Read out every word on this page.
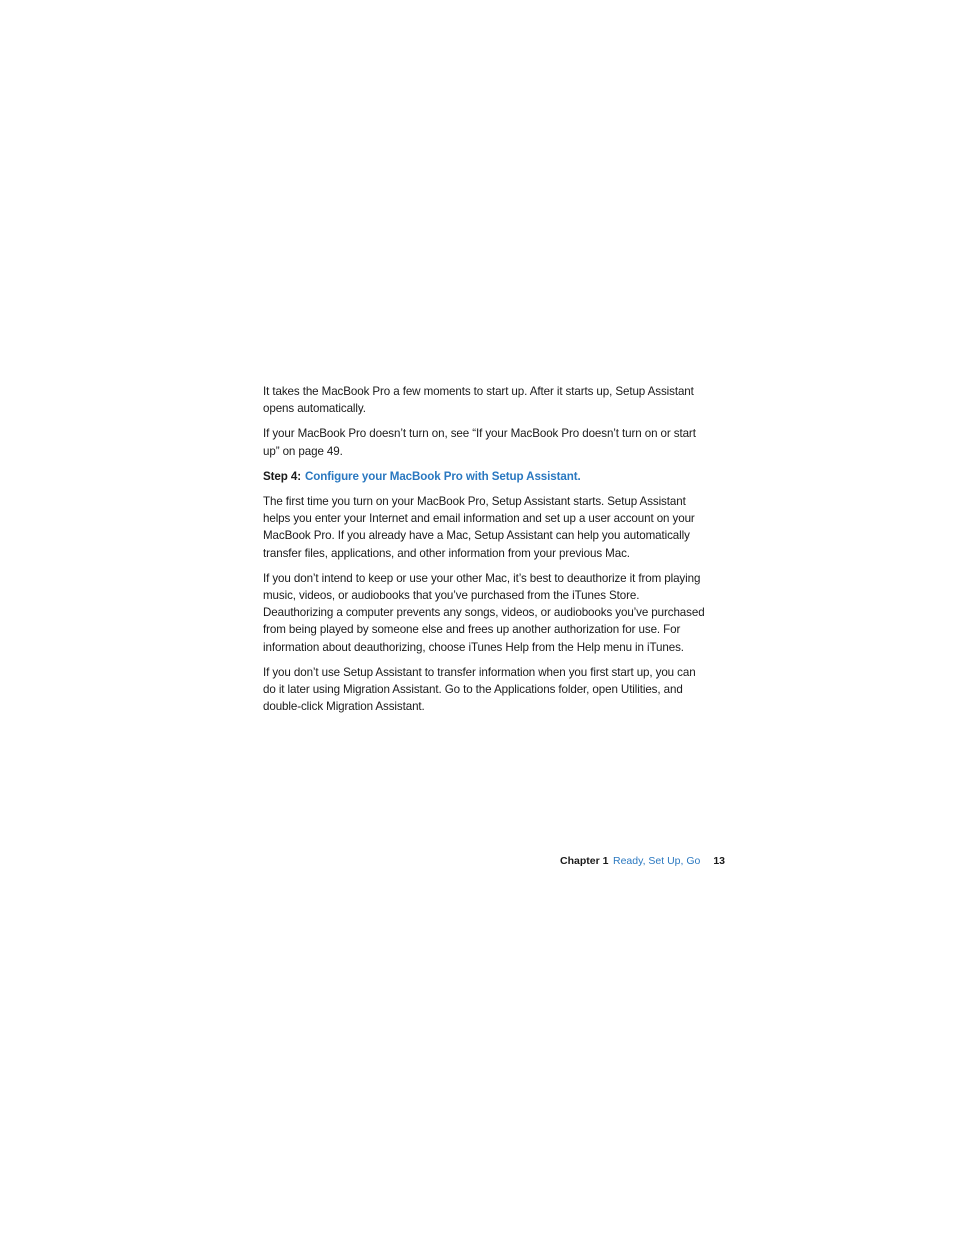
It takes the MacBook Pro a few moments to start up. After it starts up, Setup Assistant opens automatically.

If your MacBook Pro doesn’t turn on, see “If your MacBook Pro doesn’t turn on or start up” on page 49.

Step 4: Configure your MacBook Pro with Setup Assistant.

The first time you turn on your MacBook Pro, Setup Assistant starts. Setup Assistant helps you enter your Internet and email information and set up a user account on your MacBook Pro. If you already have a Mac, Setup Assistant can help you automatically transfer files, applications, and other information from your previous Mac.

If you don’t intend to keep or use your other Mac, it’s best to deauthorize it from playing music, videos, or audiobooks that you’ve purchased from the iTunes Store. Deauthorizing a computer prevents any songs, videos, or audiobooks you’ve purchased from being played by someone else and frees up another authorization for use. For information about deauthorizing, choose iTunes Help from the Help menu in iTunes.

If you don’t use Setup Assistant to transfer information when you first start up, you can do it later using Migration Assistant. Go to the Applications folder, open Utilities, and double-click Migration Assistant.

Chapter 1 Ready, Set Up, Go 13
